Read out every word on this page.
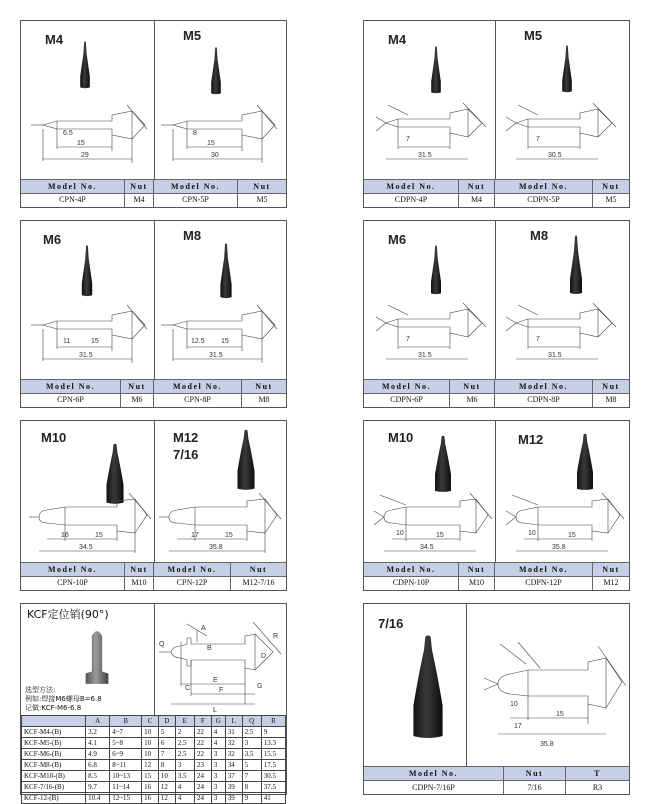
M4
15
6.5
29
M5
15
8
30
Model No.	Nut	Model No.	Nut
CPN-4P	M4	CPN-5P	M5
M4
7
31.5
M5
7
30.5
Model No.	Nut	Model No.	Nut
CDPN-4P	M4	CDPN-5P	M5
M6
15
11
31.5
M8
15
12.5
31.5
Model No.	Nut	Model No.	Nut
CPN-6P	M6	CPN-8P	M8
M6
7
31.5
M8
7
31.5
Model No.	Nut	Model No.	Nut
CDPN-6P	M6	CDPN-8P	M8
M10
16	15
34.5
M12
7/16
17	15
35.8
Model No.	Nut	Model No.	Nut
CPN-10P	M10	CPN-12P	M12-7/16
M10
10	15
34.5
M12
10	15
35.8
Model No.	Nut	Model No.	Nut
CDPN-10P	M10	CDPN-12P	M12
KCF定位销(90°)
Q
R
A
B
C
D
E
F
G
L
选型方法:
例如:焊接M6螺母B=6.8
记做:KCF-M6-6.8
	A	B	C	D	E	F	G	L	Q	R
KCF-M4-(B)	3.2	4~7	10	5	2	22	4	31	2.5	9
KCF-M5-(B)	4.1	5~8	10	6	2.5	22	4	32	3	13.3
KCF-M6-(B)	4.9	6~9	10	7	2.5	22	3	32	3.5	15.5
KCF-M8-(B)	6.8	8~11	12	8	3	23	3	34	5	17.5
KCF-M10-(B)	8.5	10~13	15	10	3.5	24	3	37	7	30.5
KCF-7/16-(B)	9.7	11~14	16	12	4	24	3	39	8	37.5
KCF-12-(B)	10.4	12~15	16	12	4	24	3	39	9	41
7/16
10
17
15
35.8
Model No.	Nut	T
CDPN-7/16P	7/16	R3
